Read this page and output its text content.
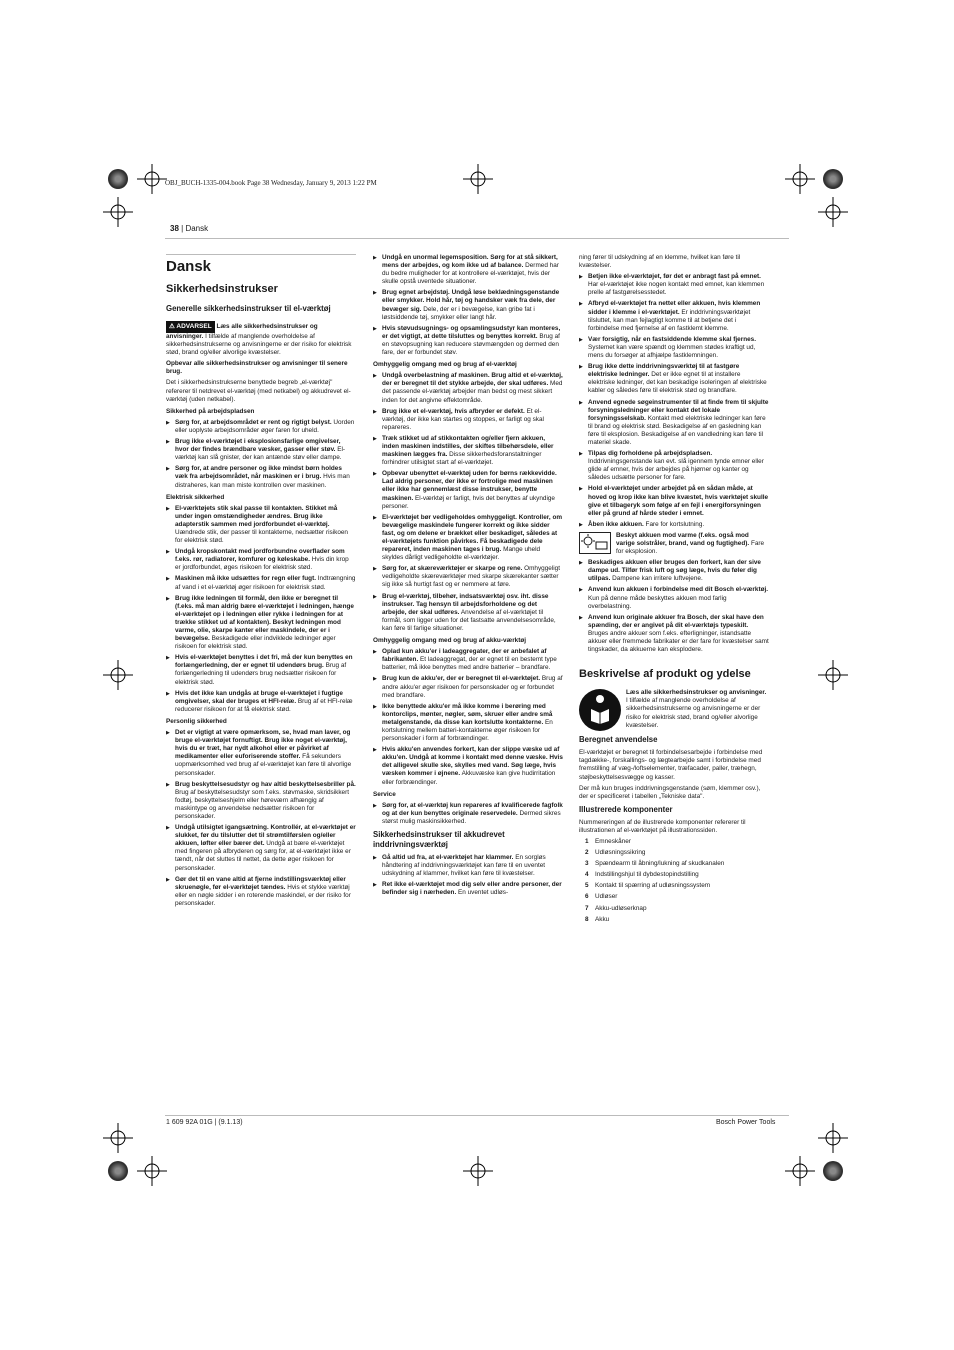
OBJ_BUCH-1335-004.book Page 38 Wednesday, January 9, 2013 1:22 PM
38 | Dansk
Dansk
Sikkerhedsinstrukser
Generelle sikkerhedsinstrukser til el-værktøj

⚠ ADVARSEL Læs alle sikkerhedsinstrukser og anvisninger. I tilfælde af manglende overholdelse af sikkerhedsinstrukserne og anvisningerne er der risiko for elektrisk stød, brand og/eller alvorlige kvæstelser.

Opbevar alle sikkerhedsinstrukser og anvisninger til senere brug.

Det i sikkerhedsinstrukserne benyttede begreb „el-værktøj" refererer til netdrevet el-værktøj (med netkabel) og akkudrevet el-værktøj (uden netkabel).

Sikkerhed på arbejdspladsen
▶ Sørg for, at arbejdsområdet er rent og rigtigt belyst. Uorden eller uoplyste arbejdsområder øger faren for uheld.
▶ Brug ikke el-værktøjet i eksplosionsfarlige omgivelser, hvor der findes brændbare væsker, gasser eller støv. El-værktøj kan slå gnister, der kan antænde støv eller dampe.
▶ Sørg for, at andre personer og ikke mindst børn holdes væk fra arbejdsområdet, når maskinen er i brug. Hvis man distraheres, kan man miste kontrollen over maskinen.
Elektrisk sikkerhed
▶ El-værktøjets stik skal passe til kontakten. Stikket må under ingen omstændigheder ændres. Brug ikke adapterstik sammen med jordforbundet el-værktøj. Uændrede stik, der passer til kontakterne, nedsætter risikoen for elektrisk stød.
▶ Undgå kropskontakt med jordforbundne overflader som f.eks. rør, radiatorer, komfurer og køleskabe. Hvis din krop er jordforbundet, øges risikoen for elektrisk stød.
▶ Maskinen må ikke udsættes for regn eller fugt. Indtrængning af vand i et el-værktøj øger risikoen for elektrisk stød.
▶ Brug ikke ledningen til formål, den ikke er beregnet til (f.eks. må man aldrig bære el-værktøjet i ledningen, hænge el-værktøjet op i ledningen eller rykke i ledningen for at trække stikket ud af kontakten). Beskyt ledningen mod varme, olie, skarpe kanter eller maskindele, der er i bevægelse. Beskadigede eller indviklede ledninger øger risikoen for elektrisk stød.
▶ Hvis el-værktøjet benyttes i det fri, må der kun benyttes en forlængerledning, der er egnet til udendørs brug. Brug af forlængerledning til udendørs brug nedsætter risikoen for elektrisk stød.
▶ Hvis det ikke kan undgås at bruge el-værktøjet i fugtige omgivelser, skal der bruges et HFI-relæ. Brug af et HFI-relæ reducerer risikoen for at få elektrisk stød.
Personlig sikkerhed
▶ Det er vigtigt at være opmærksom, se, hvad man laver, og bruge el-værktøjet fornuftigt. Brug ikke noget el-værktøj, hvis du er træt, har nydt alkohol eller er påvirket af medikamenter eller euforiserende stoffer. Få sekunders uopmærksomhed ved brug af el-værktøjet kan føre til alvorlige personskader.
▶ Brug beskyttelsesudstyr og hav altid beskyttelsesbriller på. Brug af beskyttelsesudstyr som f.eks. støvmaske, skridsikkert fodtøj, beskyttelseshjelm eller høreværn afhængig af maskintype og anvendelse nedsætter risikoen for personskader.
▶ Undgå utilsigtet igangsætning. Kontrollér, at el-værktøjet er slukket, før du tilslutter det til strømtilførslen og/eller akkuen, løfter eller bærer det. Undgå at bære el-værktøjet med fingeren på afbryderen og sørg for, at el-værktøjet ikke er tændt, når det sluttes til nettet, da dette øger risikoen for personskader.
▶ Gør det til en vane altid at fjerne indstillingsværktøj eller skruenøgle, før el-værktøjet tændes. Hvis et stykke værktøj eller en nøgle sidder i en roterende maskindel, er der risiko for personskader.
▶ Undgå en unormal legemsposition. Sørg for at stå sikkert, mens der arbejdes, og kom ikke ud af balance. Dermed har du bedre muligheder for at kontrollere el-værktøjet, hvis der skulle opstå uventede situationer.
▶ Brug egnet arbejdstøj. Undgå løse beklædningsgenstande eller smykker. Hold hår, tøj og handsker væk fra dele, der bevæger sig. Dele, der er i bevægelse, kan gribe fat i løstsiddende tøj, smykker eller langt hår.
▶ Hvis støvudsugnings- og opsamlingsudstyr kan monteres, er det vigtigt, at dette tilsluttes og benyttes korrekt. Brug af en støvopsugning kan reducere støvmængden og dermed den fare, der er forbundet støv.
Omhyggelig omgang med og brug af el-værktøj
▶ Undgå overbelastning af maskinen. Brug altid et el-værktøj, der er beregnet til det stykke arbejde, der skal udføres. Med det passende el-værktøj arbejder man bedst og mest sikkert inden for det angivne effektområde.
▶ Brug ikke et el-værktøj, hvis afbryder er defekt. Et el-værktøj, der ikke kan startes og stoppes, er farligt og skal repareres.
▶ Træk stikket ud af stikkontakten og/eller fjern akkuen, inden maskinen indstilles, der skiftes tilbehørsdele, eller maskinen lægges fra. Disse sikkerhedsforanstaltninger forhindrer utilsigtet start af el-værktøjet.
▶ Opbevar ubenyttet el-værktøj uden for børns rækkevidde. Lad aldrig personer, der ikke er fortrolige med maskinen eller ikke har gennemlæst disse instrukser, benytte maskinen. El-værktøj er farligt, hvis det benyttes af ukyndige personer.
▶ El-værktøjet bør vedligeholdes omhyggeligt. Kontroller, om bevægelige maskindele fungerer korrekt og ikke sidder fast, og om delene er brækket eller beskadiget, således at el-værktøjets funktion påvirkes. Få beskadigede dele repareret, inden maskinen tages i brug. Mange uheld skyldes dårligt vedligeholdte el-værktøjer.
▶ Sørg for, at skæreværktøjer er skarpe og rene. Omhyggeligt vedligeholdte skæreværktøjer med skarpe skærekanter sætter sig ikke så hurtigt fast og er nemmere at føre.
▶ Brug el-værktøj, tilbehør, indsatsværktøj osv. iht. disse instrukser. Tag hensyn til arbejdsforholdene og det arbejde, der skal udføres. Anvendelse af el-værktøjet til formål, som ligger uden for det fastsatte anvendelsesområde, kan føre til farlige situationer.
Omhyggelig omgang med og brug af akku-værktøj
▶ Oplad kun akku'er i ladeaggregater, der er anbefalet af fabrikanten. Et ladeaggregat, der er egnet til en bestemt type batterier, må ikke benyttes med andre batterier – brandfare.
▶ Brug kun de akku'er, der er beregnet til el-værktøjet. Brug af andre akku'er øger risikoen for personskader og er forbundet med brandfare.
▶ Ikke benyttede akku'er må ikke komme i berøring med kontorclips, mønter, nøgler, søm, skruer eller andre små metalgenstande, da disse kan kortslutte kontakterne. En kortslutning mellem batteri-kontakterne øger risikoen for personskader i form af forbrændinger.
▶ Hvis akku'en anvendes forkert, kan der slippe væske ud af akku'en. Undgå at komme i kontakt med denne væske. Hvis det alligevel skulle ske, skylles med vand. Søg læge, hvis væsken kommer i øjnene. Akkuvæske kan give hudirritation eller forbrændinger.
Service
▶ Sørg for, at el-værktøj kun repareres af kvalificerede fagfolk og at der kun benyttes originale reservedele. Dermed sikres størst mulig maskinsikkerhed.
Sikkerhedsinstrukser til akkudrevet inddrivningsværktøj
▶ Gå altid ud fra, at el-værktøjet har klammer. En sorgløs håndtering af inddrivningsværktøjet kan føre til en uventet udskydning af klammer, hvilket kan føre til kvæstelser.
▶ Ret ikke el-værktøjet mod dig selv eller andre personer, der befinder sig i nærheden. En uventet udløs-

ning fører til udskydning af en klemme, hvilket kan føre til kvæstelser.

▶ Betjen ikke el-værktøjet, før det er anbragt fast på emnet. Har el-værktøjet ikke nogen kontakt med emnet, kan klemmen prelle af fastgørelsesstedet.
▶ Afbryd el-værktøjet fra nettet eller akkuen, hvis klemmen sidder i klemme i el-værktøjet. Er inddrivningsværktøjet tilsluttet, kan man fejlagtigt komme til at betjene det i forbindelse med fjernelse af en fastklemt klemme.
▶ Vær forsigtig, når en fastsiddende klemme skal fjernes. Systemet kan være spændt og klemmen stødes kraftigt ud, mens du forsøger at afhjælpe fastklemningen.
▶ Brug ikke dette inddrivningsværktøj til at fastgøre elektriske ledninger. Det er ikke egnet til at installere elektriske ledninger, det kan beskadige isoleringen af elektriske kabler og således føre til elektrisk stød og brandfare.
▶ Anvend egnede søgeinstrumenter til at finde frem til skjulte forsyningsledninger eller kontakt det lokale forsyningsselskab. Kontakt med elektriske ledninger kan føre til brand og elektrisk stød. Beskadigelse af en gasledning kan føre til eksplosion. Beskadigelse af en vandledning kan føre til materiel skade.
▶ Tilpas dig forholdene på arbejdspladsen. Inddrivningsgenstande kan evt. slå igennem tynde emner eller glide af emner, hvis der arbejdes på hjørner og kanter og således udsætte personer for fare.
▶ Hold el-værktøjet under arbejdet på en sådan måde, at hoved og krop ikke kan blive kvæstet, hvis værktøjet skulle give et tilbageryk som følge af en fejl i energiforsyningen eller på grund af hårde steder i emnet.
▶ Åben ikke akkuen. Fare for kortslutning.
Beskyt akkuen mod varme (f.eks. også mod varige solstråler, brand, vand og fugtighed). Fare for eksplosion.
▶ Beskadiges akkuen eller bruges den forkert, kan der sive dampe ud. Tilfør frisk luft og søg læge, hvis du føler dig utilpas. Dampene kan irritere luftvejene.
▶ Anvend kun akkuen i forbindelse med dit Bosch el-værktøj. Kun på denne måde beskyttes akkuen mod farlig overbelastning.
▶ Anvend kun originale akkuer fra Bosch, der skal have den spænding, der er angivet på dit el-værktøjs typeskilt. Bruges andre akkuer som f.eks. efterligninger, istandsatte akkuer eller fremmede fabrikater er der fare for kvæstelser samt tingskader, da akkuerne kan eksplodere.
Beskrivelse af produkt og ydelse
Læs alle sikkerhedsinstrukser og anvisninger. I tilfælde af manglende overholdelse af sikkerhedsinstrukserne og anvisningerne er der risiko for elektrisk stød, brand og/eller alvorlige kvæstelser.
Beregnet anvendelse

El-værktøjet er beregnet til forbindelsesarbejde i forbindelse med tagdække-, forskallings- og lægtearbejde samt i forbindelse med fremstilling af væg-/loftselementer, træfacader, paller, træhegn, støjbeskyttelsesvægge og kasser.

Der må kun bruges inddrivningsgenstande (søm, klemmer osv.), der er specificeret i tabellen „Tekniske data".

Illustrerede komponenter

Nummereringen af de illustrerede komponenter refererer til illustrationen af el-værktøjet på illustrationssiden.

1	Emneskåner
2	Udløsningssikring
3	Spændearm til åbning/lukning af skudkanalen
4	Indstillingshjul til dybdestopindstilling
5	Kontakt til spærring af udløsningssystem
6	Udløser
7	Akku-udløserknap
8	Akku
1 609 92A 01G | (9.1.13)	Bosch Power Tools
